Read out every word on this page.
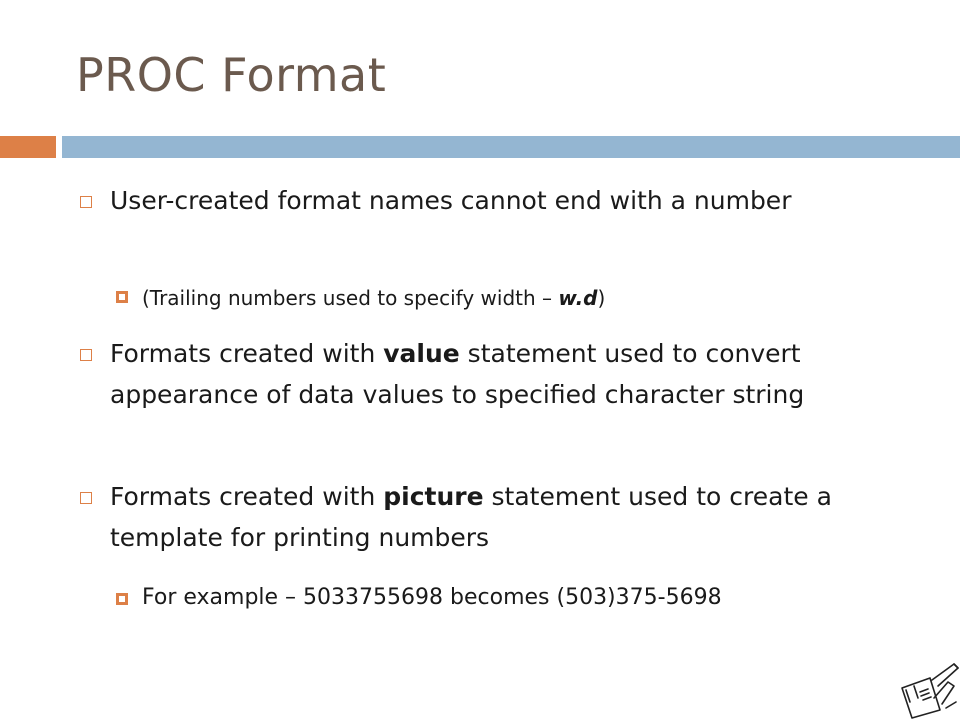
PROC Format
User-created format names cannot end with a number
(Trailing numbers used to specify width – w.d)
Formats created with value statement used to convert appearance of data values to specified character string
Formats created with picture statement used to create a template for printing numbers
For example – 5033755698 becomes (503)375-5698
